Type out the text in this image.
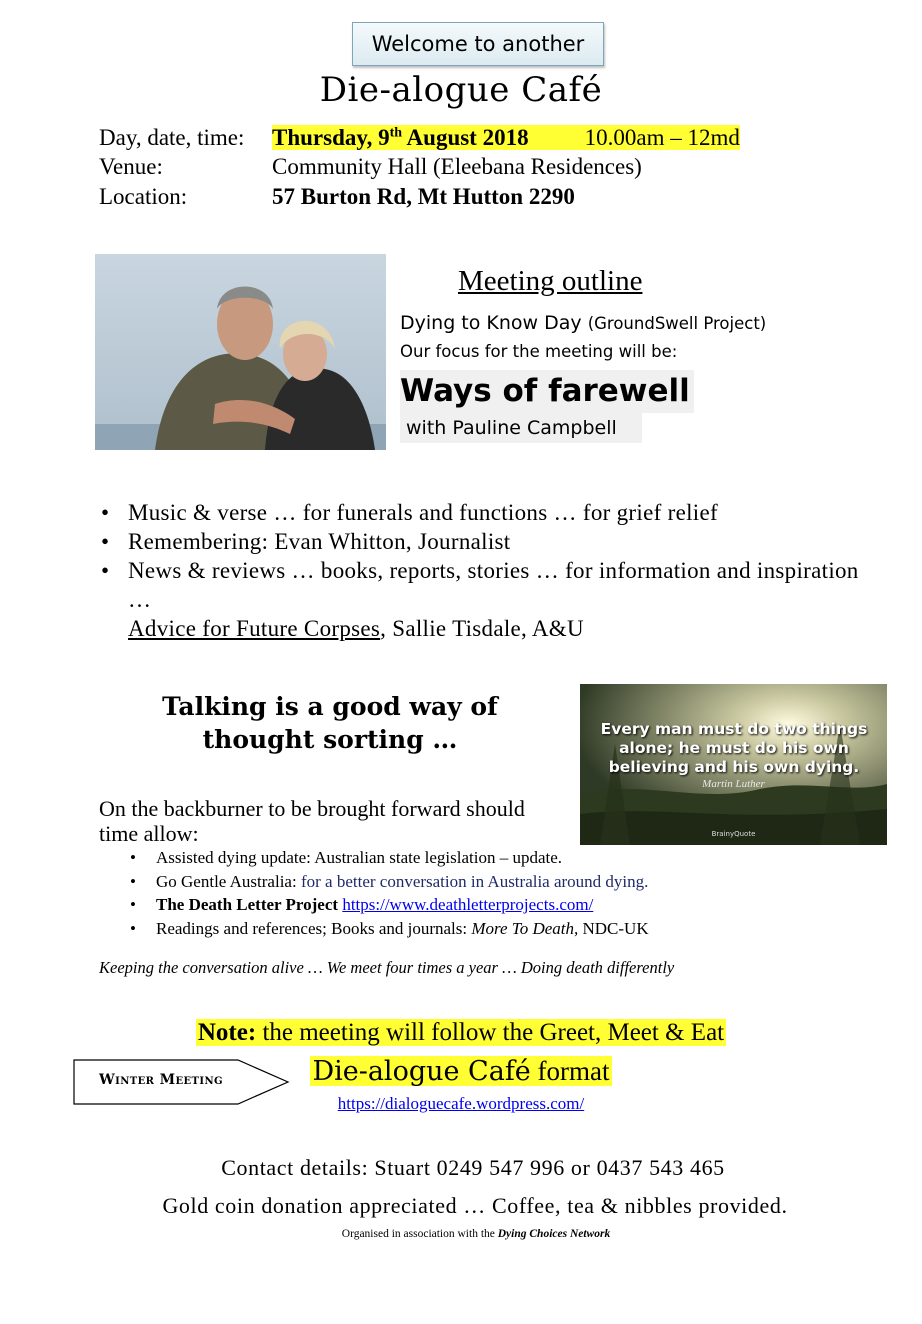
Welcome to another
Die-alogue Café
Day, date, time: Thursday, 9th August 2018 10.00am – 12md
Venue:	Community Hall (Eleebana Residences)
Location:	57 Burton Rd, Mt Hutton 2290
Meeting outline
Dying to Know Day (GroundSwell Project)
Our focus for the meeting will be:
Ways of farewell
with Pauline Campbell
• Music & verse … for funerals and functions … for grief relief
• Remembering: Evan Whitton, Journalist
• News & reviews … books, reports, stories … for information and inspiration …
Advice for Future Corpses, Sallie Tisdale, A&U
Talking is a good way of thought sorting …	Every man must do two things alone; he must do his own believing and his own dying.
Martin Luther
BrainyQuote
On the backburner to be brought forward should time allow:
• Assisted dying update: Australian state legislation – update.
• Go Gentle Australia: for a better conversation in Australia around dying.
• The Death Letter Project https://www.deathletterprojects.com/
• Readings and references; Books and journals: More To Death, NDC-UK
Keeping the conversation alive … We meet four times a year … Doing death differently
Note: the meeting will follow the Greet, Meet & Eat
Die-alogue Café format
https://dialoguecafe.wordpress.com/
Winter Meeting
Contact details: Stuart 0249 547 996 or 0437 543 465
Gold coin donation appreciated … Coffee, tea & nibbles provided.
Organised in association with the Dying Choices Network
